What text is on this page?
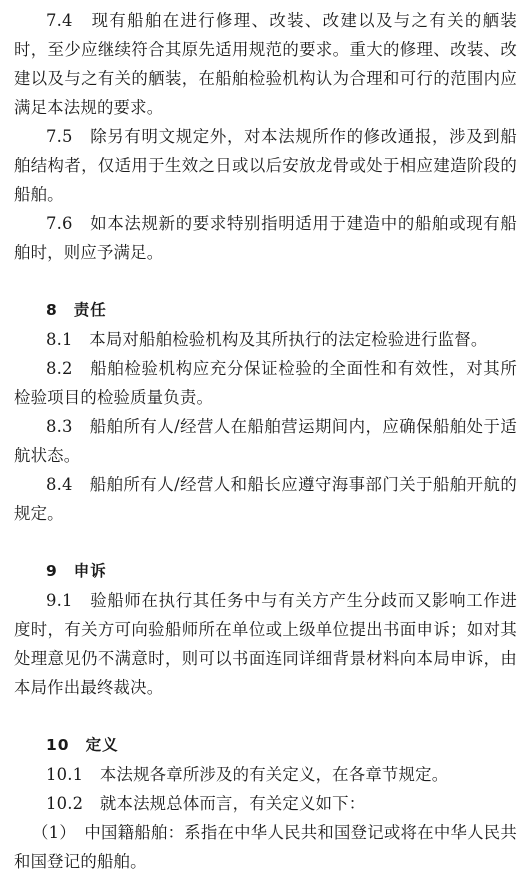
7.4　现有船舶在进行修理、改装、改建以及与之有关的舾装时，至少应继续符合其原先适用规范的要求。重大的修理、改装、改建以及与之有关的舾装，在船舶检验机构认为合理和可行的范围内应满足本法规的要求。

7.5　除另有明文规定外，对本法规所作的修改通报，涉及到船舶结构者，仅适用于生效之日或以后安放龙骨或处于相应建造阶段的船舶。

7.6　如本法规新的要求特别指明适用于建造中的船舶或现有船舶时，则应予满足。

8 责任

8.1　本局对船舶检验机构及其所执行的法定检验进行监督。

8.2　船舶检验机构应充分保证检验的全面性和有效性，对其所检验项目的检验质量负责。

8.3　船舶所有人/经营人在船舶营运期间内，应确保船舶处于适航状态。

8.4　船舶所有人/经营人和船长应遵守海事部门关于船舶开航的规定。

9 申诉

9.1　验船师在执行其任务中与有关方产生分歧而又影响工作进度时，有关方可向验船师所在单位或上级单位提出书面申诉；如对其处理意见仍不满意时，则可以书面连同详细背景材料向本局申诉，由本局作出最终裁决。

10 定义

10.1　本法规各章所涉及的有关定义，在各章节规定。

10.2　就本法规总体而言，有关定义如下：

（1）　中国籍船舶：系指在中华人民共和国登记或将在中华人民共和国登记的船舶。
